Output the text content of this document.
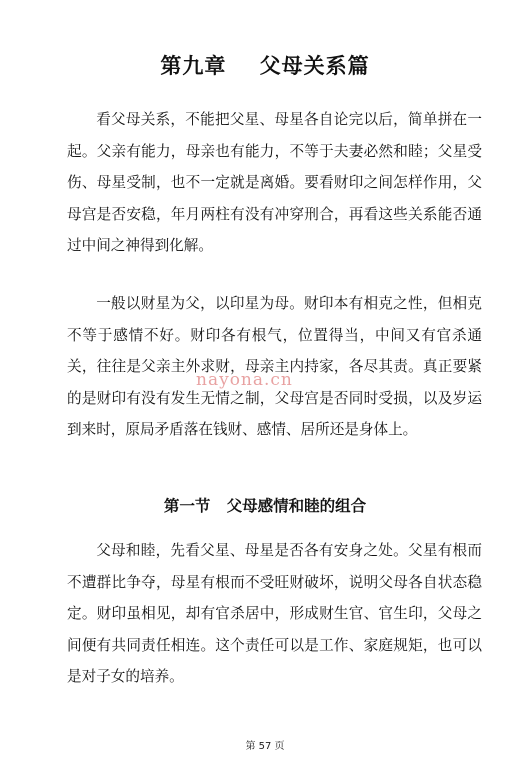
第九章    父母关系篇

看父母关系，不能把父星、母星各自论完以后，简单拼在一起。父亲有能力，母亲也有能力，不等于夫妻必然和睦；父星受伤、母星受制，也不一定就是离婚。要看财印之间怎样作用，父母宫是否安稳，年月两柱有没有冲穿刑合，再看这些关系能否通过中间之神得到化解。

一般以财星为父，以印星为母。财印本有相克之性，但相克不等于感情不好。财印各有根气，位置得当，中间又有官杀通关，往往是父亲主外求财，母亲主内持家，各尽其责。真正要紧的是财印有没有发生无情之制，父母宫是否同时受损，以及岁运到来时，原局矛盾落在钱财、感情、居所还是身体上。

nayona.cn
第一节   父母感情和睦的组合

父母和睦，先看父星、母星是否各有安身之处。父星有根而不遭群比争夺，母星有根而不受旺财破坏，说明父母各自状态稳定。财印虽相见，却有官杀居中，形成财生官、官生印，父母之间便有共同责任相连。这个责任可以是工作、家庭规矩，也可以是对子女的培养。

第 57 页
